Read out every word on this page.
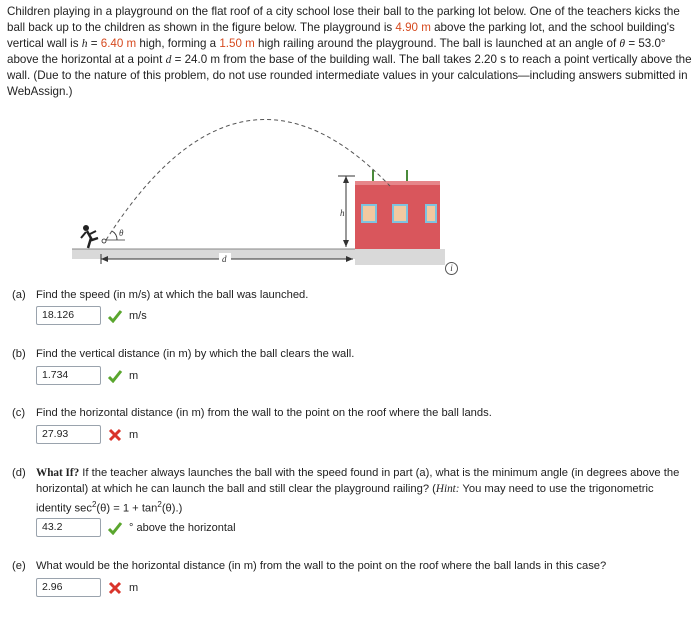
Children playing in a playground on the flat roof of a city school lose their ball to the parking lot below. One of the teachers kicks the ball back up to the children as shown in the figure below. The playground is 4.90 m above the parking lot, and the school building's vertical wall is h = 6.40 m high, forming a 1.50 m high railing around the playground. The ball is launched at an angle of θ = 53.0° above the horizontal at a point d = 24.0 m from the base of the building wall. The ball takes 2.20 s to reach a point vertically above the wall. (Due to the nature of this problem, do not use rounded intermediate values in your calculations—including answers submitted in WebAssign.)

h
d
θ
i
(a) Find the speed (in m/s) at which the ball was launched.
18.126	m/s
(b) Find the vertical distance (in m) by which the ball clears the wall.
1.734	m
(c) Find the horizontal distance (in m) from the wall to the point on the roof where the ball lands.
27.93	m
(d) What If? If the teacher always launches the ball with the speed found in part (a), what is the minimum angle (in degrees above the horizontal) at which he can launch the ball and still clear the playground railing? (Hint: You may need to use the trigonometric identity $\sec^2(\theta) = 1 + \tan^2(\theta)$.)
43.2	° above the horizontal
(e) What would be the horizontal distance (in m) from the wall to the point on the roof where the ball lands in this case?
2.96	m
